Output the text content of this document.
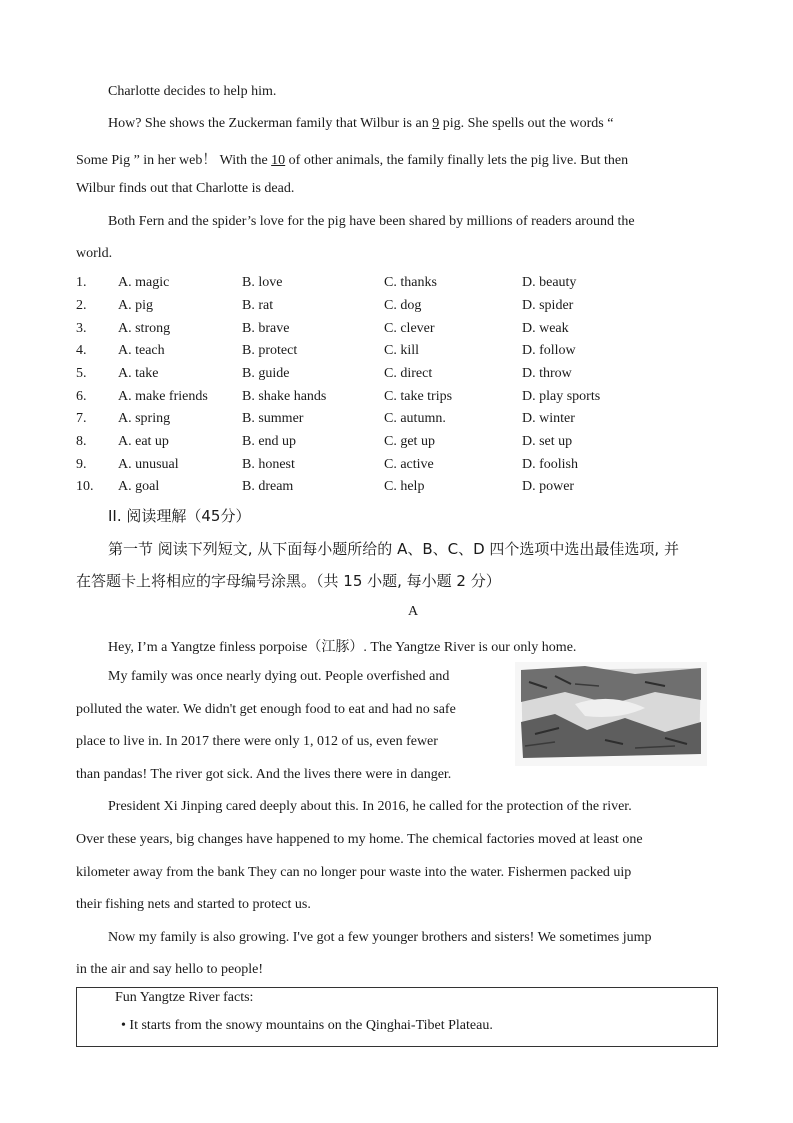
Charlotte decides to help him.
How? She shows the Zuckerman family that Wilbur is an 9 pig. She spells out the words “
Some Pig ” in her web！ With the 10 of other animals, the family finally lets the pig live. But then
Wilbur finds out that Charlotte is dead.
Both Fern and the spider’s love for the pig have been shared by millions of readers around the
world.
1. A. magic	B. love	C. thanks	D. beauty
2. A. pig	B. rat	C. dog	D. spider
3. A. strong	B. brave	C. clever	D. weak
4. A. teach	B. protect	C. kill	D. follow
5. A. take	B. guide	C. direct	D. throw
6. A. make friends B. shake hands	C. take trips	D. play sports
7. A. spring	B. summer	C. autumn.	D. winter
8. A. eat up	B. end up	C. get up	D. set up
9. A. unusual	B. honest	C. active	D. foolish
10. A. goal	B. dream	C. help	D. power
II. 阅读理解（45分）
第一节 阅读下列短文, 从下面每小题所给的 A、B、C、D 四个选项中选出最佳选项, 并
在答题卡上将相应的字母编号涂黑。（共 15 小题, 每小题 2 分）
A
Hey, I’m a Yangtze finless porpoise（江豚）. The Yangtze River is our only home.
My family was once nearly dying out. People overfished and
polluted the water. We didn't get enough food to eat and had no safe
place to live in. In 2017 there were only 1, 012 of us, even fewer
than pandas! The river got sick. And the lives there were in danger.
President Xi Jinping cared deeply about this. In 2016, he called for the protection of the river.
Over these years, big changes have happened to my home. The chemical factories moved at least one
kilometer away from the bank They can no longer pour waste into the water. Fishermen packed uip
their fishing nets and started to protect us.
Now my family is also growing. I've got a few younger brothers and sisters! We sometimes jump
in the air and say hello to people!
Fun Yangtze River facts:
• It starts from the snowy mountains on the Qinghai-Tibet Plateau.
